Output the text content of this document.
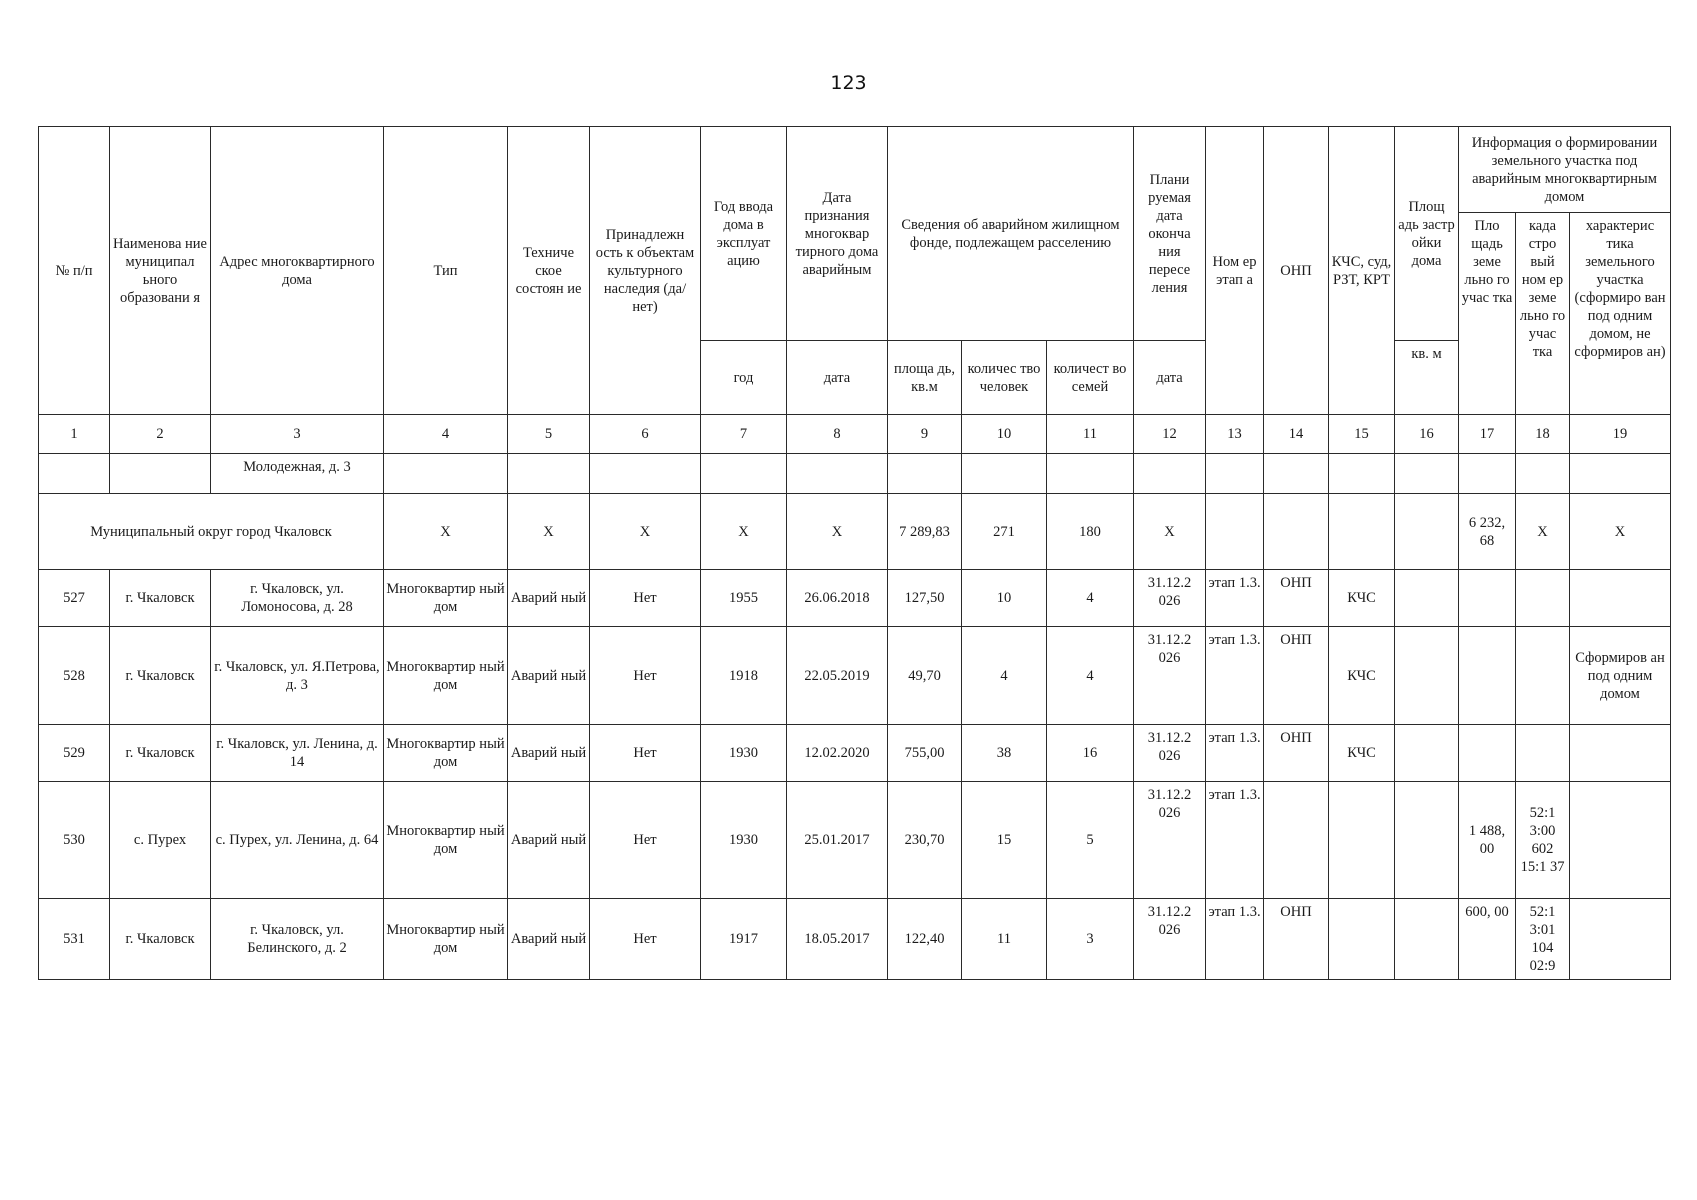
123
№ п/п	Наименова ние муниципал ьного образовани я	Адрес многоквартирного дома	Тип	Техниче ское состоян ие	Принадлежн ость к объектам культурного наследия (да/нет)	Год ввода дома в эксплуат ацию	Дата признания многоквар тирного дома аварийным	Сведения об аварийном жилищном фонде, подлежащем расселению			Плани руемая дата оконча ния пересе ления	Ном ер этап а	ОНП	КЧС, суд, РЗТ, КРТ	Площ адь застр ойки дома	Информация о формировании земельного участка под аварийным многоквартирным домом		
																Пло щадь земе льно го учас тка	када стро вый ном ер земе льно го учас тка	характерис тика земельного участка (сформиро ван под одним домом, не сформиров ан)
						год	дата	площа дь, кв.м	количес тво человек	количест во семей	дата				кв. м			
1	2	3	4	5	6	7	8	9	10	11	12	13	14	15	16	17	18	19
		Молодежная, д. 3																
Муниципальный округ город Чкаловск			X	X	X	X	X	7 289,83	271	180	X					6 232, 68	X	X
527	г. Чкаловск	г. Чкаловск, ул. Ломоносова, д. 28	Многоквартир ный дом	Аварий ный	Нет	1955	26.06.2018	127,50	10	4	31.12.2 026	этап 1.3.	ОНП	КЧС				
528	г. Чкаловск	г. Чкаловск, ул. Я.Петрова, д. 3	Многоквартир ный дом	Аварий ный	Нет	1918	22.05.2019	49,70	4	4	31.12.2 026	этап 1.3.	ОНП	КЧС				Сформиров ан под одним домом
529	г. Чкаловск	г. Чкаловск, ул. Ленина, д. 14	Многоквартир ный дом	Аварий ный	Нет	1930	12.02.2020	755,00	38	16	31.12.2 026	этап 1.3.	ОНП	КЧС				
530	с. Пурех	с. Пурех, ул. Ленина, д. 64	Многоквартир ный дом	Аварий ный	Нет	1930	25.01.2017	230,70	15	5	31.12.2 026	этап 1.3.				1 488, 00	52:1 3:00 602 15:1 37	
531	г. Чкаловск	г. Чкаловск, ул. Белинского, д. 2	Многоквартир ный дом	Аварий ный	Нет	1917	18.05.2017	122,40	11	3	31.12.2 026	этап 1.3.	ОНП			600, 00	52:1 3:01 104 02:9	
